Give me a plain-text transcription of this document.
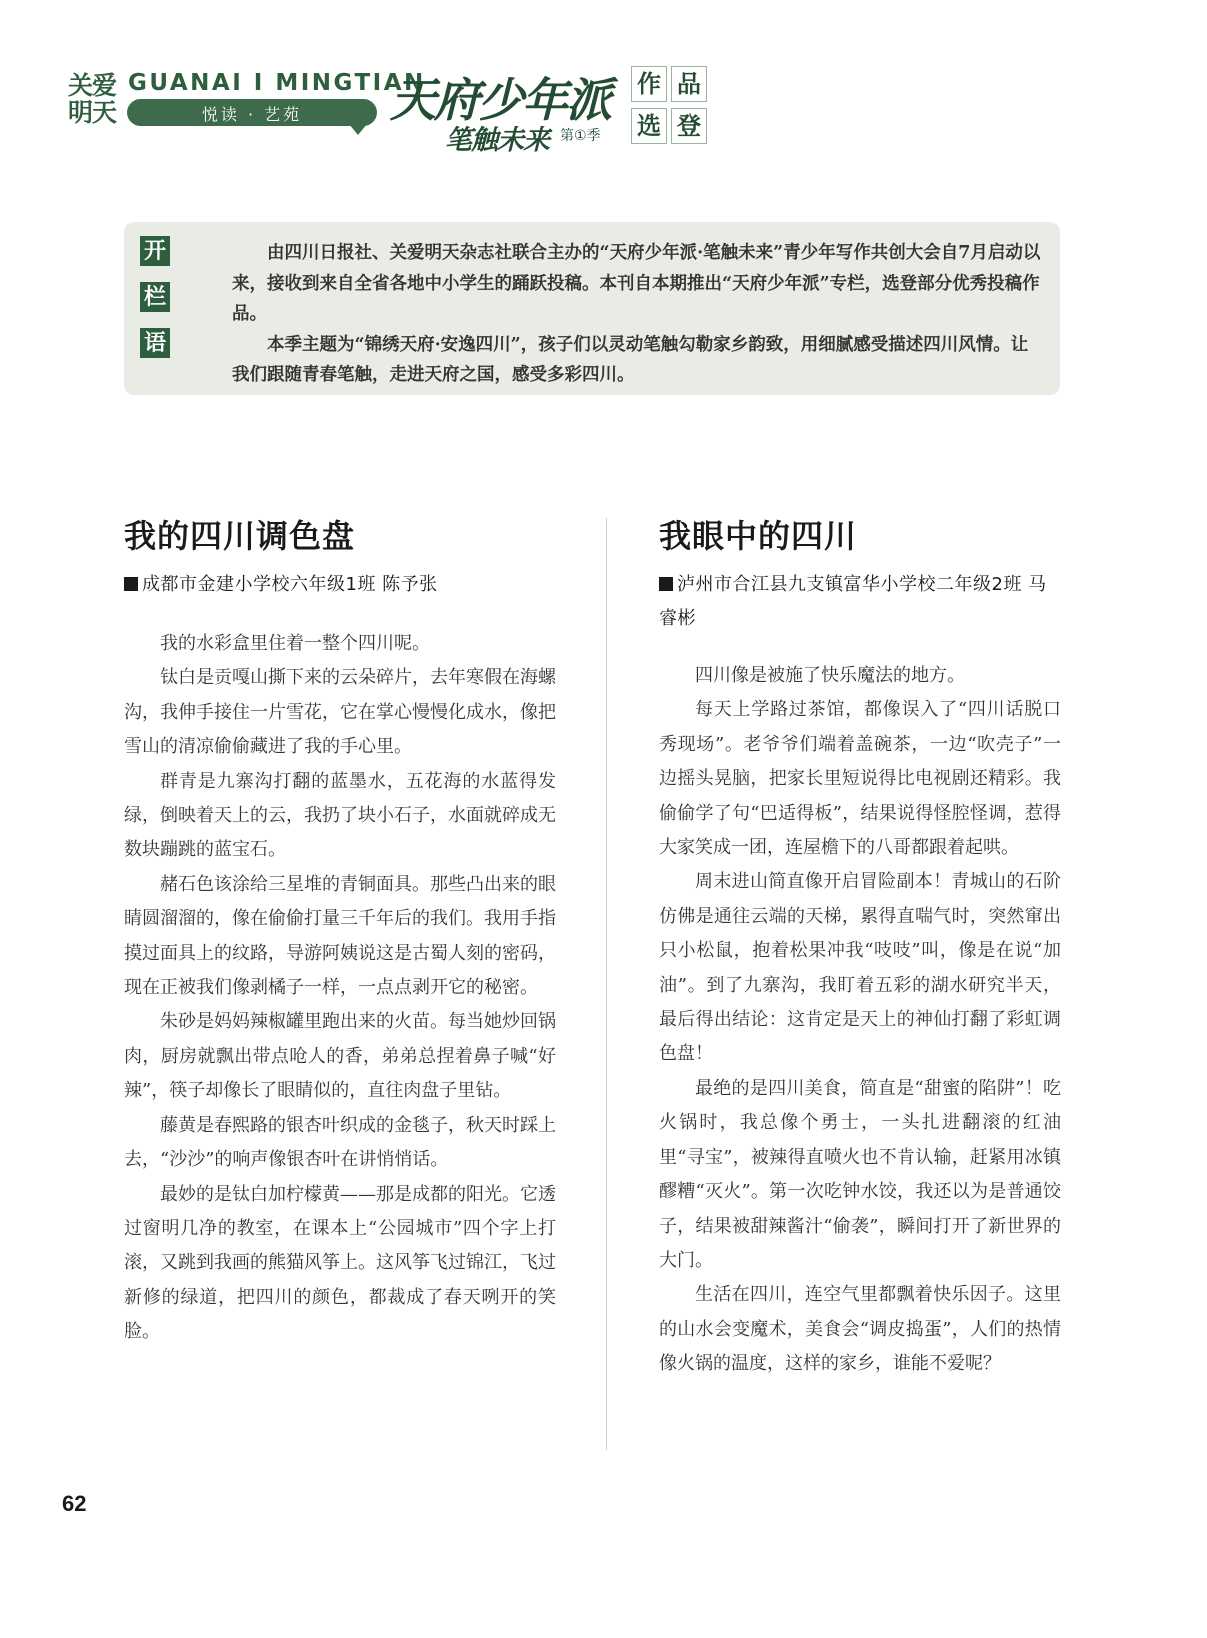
关爱明天
GUANAI I MINGTIAN
悦读 · 艺苑	天府少年派
笔触未来 第①季
作 品
选 登
开
栏
语

由四川日报社、关爱明天杂志社联合主办的“天府少年派·笔触未来”青少年写作共创大会自7月启动以来，接收到来自全省各地中小学生的踊跃投稿。本刊自本期推出“天府少年派”专栏，选登部分优秀投稿作品。

本季主题为“锦绣天府·安逸四川”，孩子们以灵动笔触勾勒家乡韵致，用细腻感受描述四川风情。让我们跟随青春笔触，走进天府之国，感受多彩四川。

我的四川调色盘
成都市金建小学校六年级1班 陈予张

我的水彩盒里住着一整个四川呢。

钛白是贡嘎山撕下来的云朵碎片，去年寒假在海螺沟，我伸手接住一片雪花，它在掌心慢慢化成水，像把雪山的清凉偷偷藏进了我的手心里。

群青是九寨沟打翻的蓝墨水，五花海的水蓝得发绿，倒映着天上的云，我扔了块小石子，水面就碎成无数块蹦跳的蓝宝石。

赭石色该涂给三星堆的青铜面具。那些凸出来的眼睛圆溜溜的，像在偷偷打量三千年后的我们。我用手指摸过面具上的纹路，导游阿姨说这是古蜀人刻的密码，现在正被我们像剥橘子一样，一点点剥开它的秘密。

朱砂是妈妈辣椒罐里跑出来的火苗。每当她炒回锅肉，厨房就飘出带点呛人的香，弟弟总捏着鼻子喊“好辣”，筷子却像长了眼睛似的，直往肉盘子里钻。

藤黄是春熙路的银杏叶织成的金毯子，秋天时踩上去，“沙沙”的响声像银杏叶在讲悄悄话。

最妙的是钛白加柠檬黄——那是成都的阳光。它透过窗明几净的教室，在课本上“公园城市”四个字上打滚，又跳到我画的熊猫风筝上。这风筝飞过锦江，飞过新修的绿道，把四川的颜色，都裁成了春天咧开的笑脸。

我眼中的四川
泸州市合江县九支镇富华小学校二年级2班 马睿彬

四川像是被施了快乐魔法的地方。

每天上学路过茶馆，都像误入了“四川话脱口秀现场”。老爷爷们端着盖碗茶，一边“吹壳子”一边摇头晃脑，把家长里短说得比电视剧还精彩。我偷偷学了句“巴适得板”，结果说得怪腔怪调，惹得大家笑成一团，连屋檐下的八哥都跟着起哄。

周末进山简直像开启冒险副本！青城山的石阶仿佛是通往云端的天梯，累得直喘气时，突然窜出只小松鼠，抱着松果冲我“吱吱”叫，像是在说“加油”。到了九寨沟，我盯着五彩的湖水研究半天，最后得出结论：这肯定是天上的神仙打翻了彩虹调色盘！

最绝的是四川美食，简直是“甜蜜的陷阱”！吃火锅时，我总像个勇士，一头扎进翻滚的红油里“寻宝”，被辣得直喷火也不肯认输，赶紧用冰镇醪糟“灭火”。第一次吃钟水饺，我还以为是普通饺子，结果被甜辣酱汁“偷袭”，瞬间打开了新世界的大门。

生活在四川，连空气里都飘着快乐因子。这里的山水会变魔术，美食会“调皮捣蛋”，人们的热情像火锅的温度，这样的家乡，谁能不爱呢？

62
